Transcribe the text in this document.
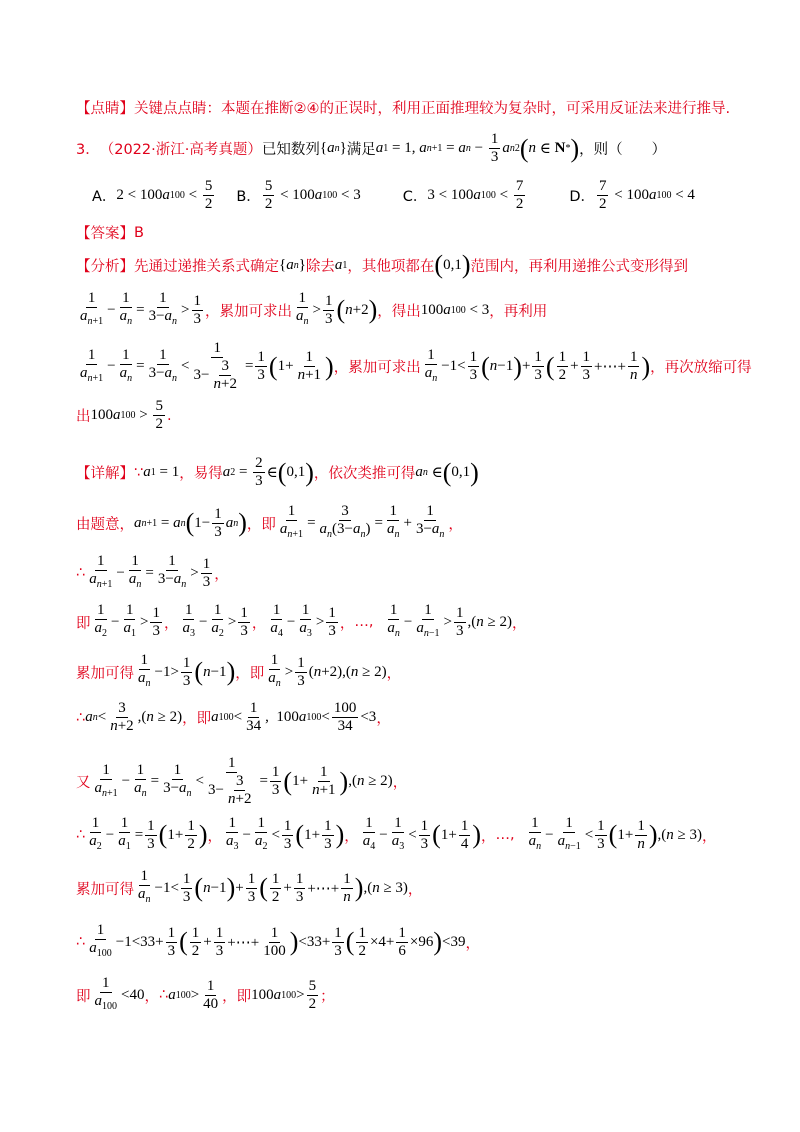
【点睛】 关键点点睛：本题在推断②④的正误时，利用正面推理较为复杂时，可采用反证法来进行推导.
3． （2022·浙江·高考真题） 已知数列 { a n } 满足 a 1 = 1, a n+1 = a $n - \frac{1}{3}$ a n 2 ( n ∈ N * ) ，则（　　）
A． 2 < 100 a $100 < \frac{5}{2}$ B． $\frac{5}{2} < 100$ a 100 < 3	C． 3 < 100 a $100 < \frac{7}{2}$	D． $\frac{7}{2} < 100$ a 100 < 4
【答案】 B
【分析】 先通过递推关系式确定 { a n } 除去 a 1 ，其他项都在 ( 0,1 ) 范围内，再利用递推公式变形得到
$\frac{1}{a_{n+1}} - \frac{1}{a_n} = \frac{1}{3-a_n} > \frac{1}{3}$ ，累加可求出 $\frac{1}{a_n} > \frac{1}{3}$ ( n +2 ) ，得出 100 a 100 < 3 ，再利用
$\frac{1}{a_{n+1}} - \frac{1}{a_n} = \frac{1}{3-a_n} < \frac{1}{3- \frac{3}{n+2}} = \frac{1}{3}$ ( $1+ \frac{1}{n+1}$ ) ，累加可求出 $\frac{1}{a_n} -1< \frac{1}{3}$ ( n −1 ) + $\frac{1}{3}$ ( $\frac{1}{2} + \frac{1}{3}$ +⋯+ $\frac{1}{n}$ ) ，再次放缩可得
出 100 a $100 > \frac{5}{2}$ .
【详解】 ∵ a 1 = 1 ，易得 a $2 = \frac{2}{3}$ ∈ ( 0,1 ) ，依次类推可得 a n ∈ ( 0,1 )
由题意， a n+1 = a n ( $1- \frac{1}{3}$ a n ) ， 即 $\frac{1}{a_{n+1}} = \frac{3}{a_n(3-a_n)} = \frac{1}{a_n} + \frac{1}{3-a_n}$ ，
∴ $\frac{1}{a_{n+1}} - \frac{1}{a_n} = \frac{1}{3-a_n} > \frac{1}{3}$ ，
即 $\frac{1}{a_2} - \frac{1}{a_1} > \frac{1}{3}$ ， $\frac{1}{a_3} - \frac{1}{a_2} > \frac{1}{3}$ ， $\frac{1}{a_4} - \frac{1}{a_3} > \frac{1}{3}$ ， …, $\frac{1}{a_n} - \frac{1}{a_{n-1}} > \frac{1}{3}$ ,( n ≥ 2) ，
累加可得 $\frac{1}{a_n} -1> \frac{1}{3}$ ( n −1 ) ， 即 $\frac{1}{a_n} > \frac{1}{3}$ ( n +2),( n ≥ 2) ，
∴ a $n < \frac{3}{n+2}$ ,( n ≥ 2) ， 即 a $100 < \frac{1}{34}$ ,  100 a $100 < \frac{100}{34} <3$ ，
又 $\frac{1}{a_{n+1}} - \frac{1}{a_n} = \frac{1}{3-a_n} < \frac{1}{3- \frac{3}{n+2}} = \frac{1}{3}$ ( $1+ \frac{1}{n+1}$ ) ,( n ≥ 2) ，
∴ $\frac{1}{a_2} - \frac{1}{a_1} = \frac{1}{3}$ ( $1+ \frac{1}{2}$ ) ， $\frac{1}{a_3} - \frac{1}{a_2} < \frac{1}{3}$ ( $1+ \frac{1}{3}$ ) ， $\frac{1}{a_4} - \frac{1}{a_3} < \frac{1}{3}$ ( $1+ \frac{1}{4}$ ) ， …, $\frac{1}{a_n} - \frac{1}{a_{n-1}} < \frac{1}{3}$ ( $1+ \frac{1}{n}$ ) ,( n ≥ 3) ，
累加可得 $\frac{1}{a_n} -1< \frac{1}{3}$ ( n −1 ) + $\frac{1}{3}$ ( $\frac{1}{2} + \frac{1}{3}$ +⋯+ $\frac{1}{n}$ ) ,( n ≥ 3) ，
∴ $\frac{1}{a_{100}} -1<33+ \frac{1}{3}$ ( $\frac{1}{2} + \frac{1}{3}$ +⋯+ $\frac{1}{100}$ ) $<33+ \frac{1}{3}$ ( $\frac{1}{2} \times 4+ \frac{1}{6} \times 96$ ) <39 ，
即 $\frac{1}{a_{100}} <40$ ， ∴ a $100 > \frac{1}{40}$ ， 即 100 a $100 > \frac{5}{2}$ ；
